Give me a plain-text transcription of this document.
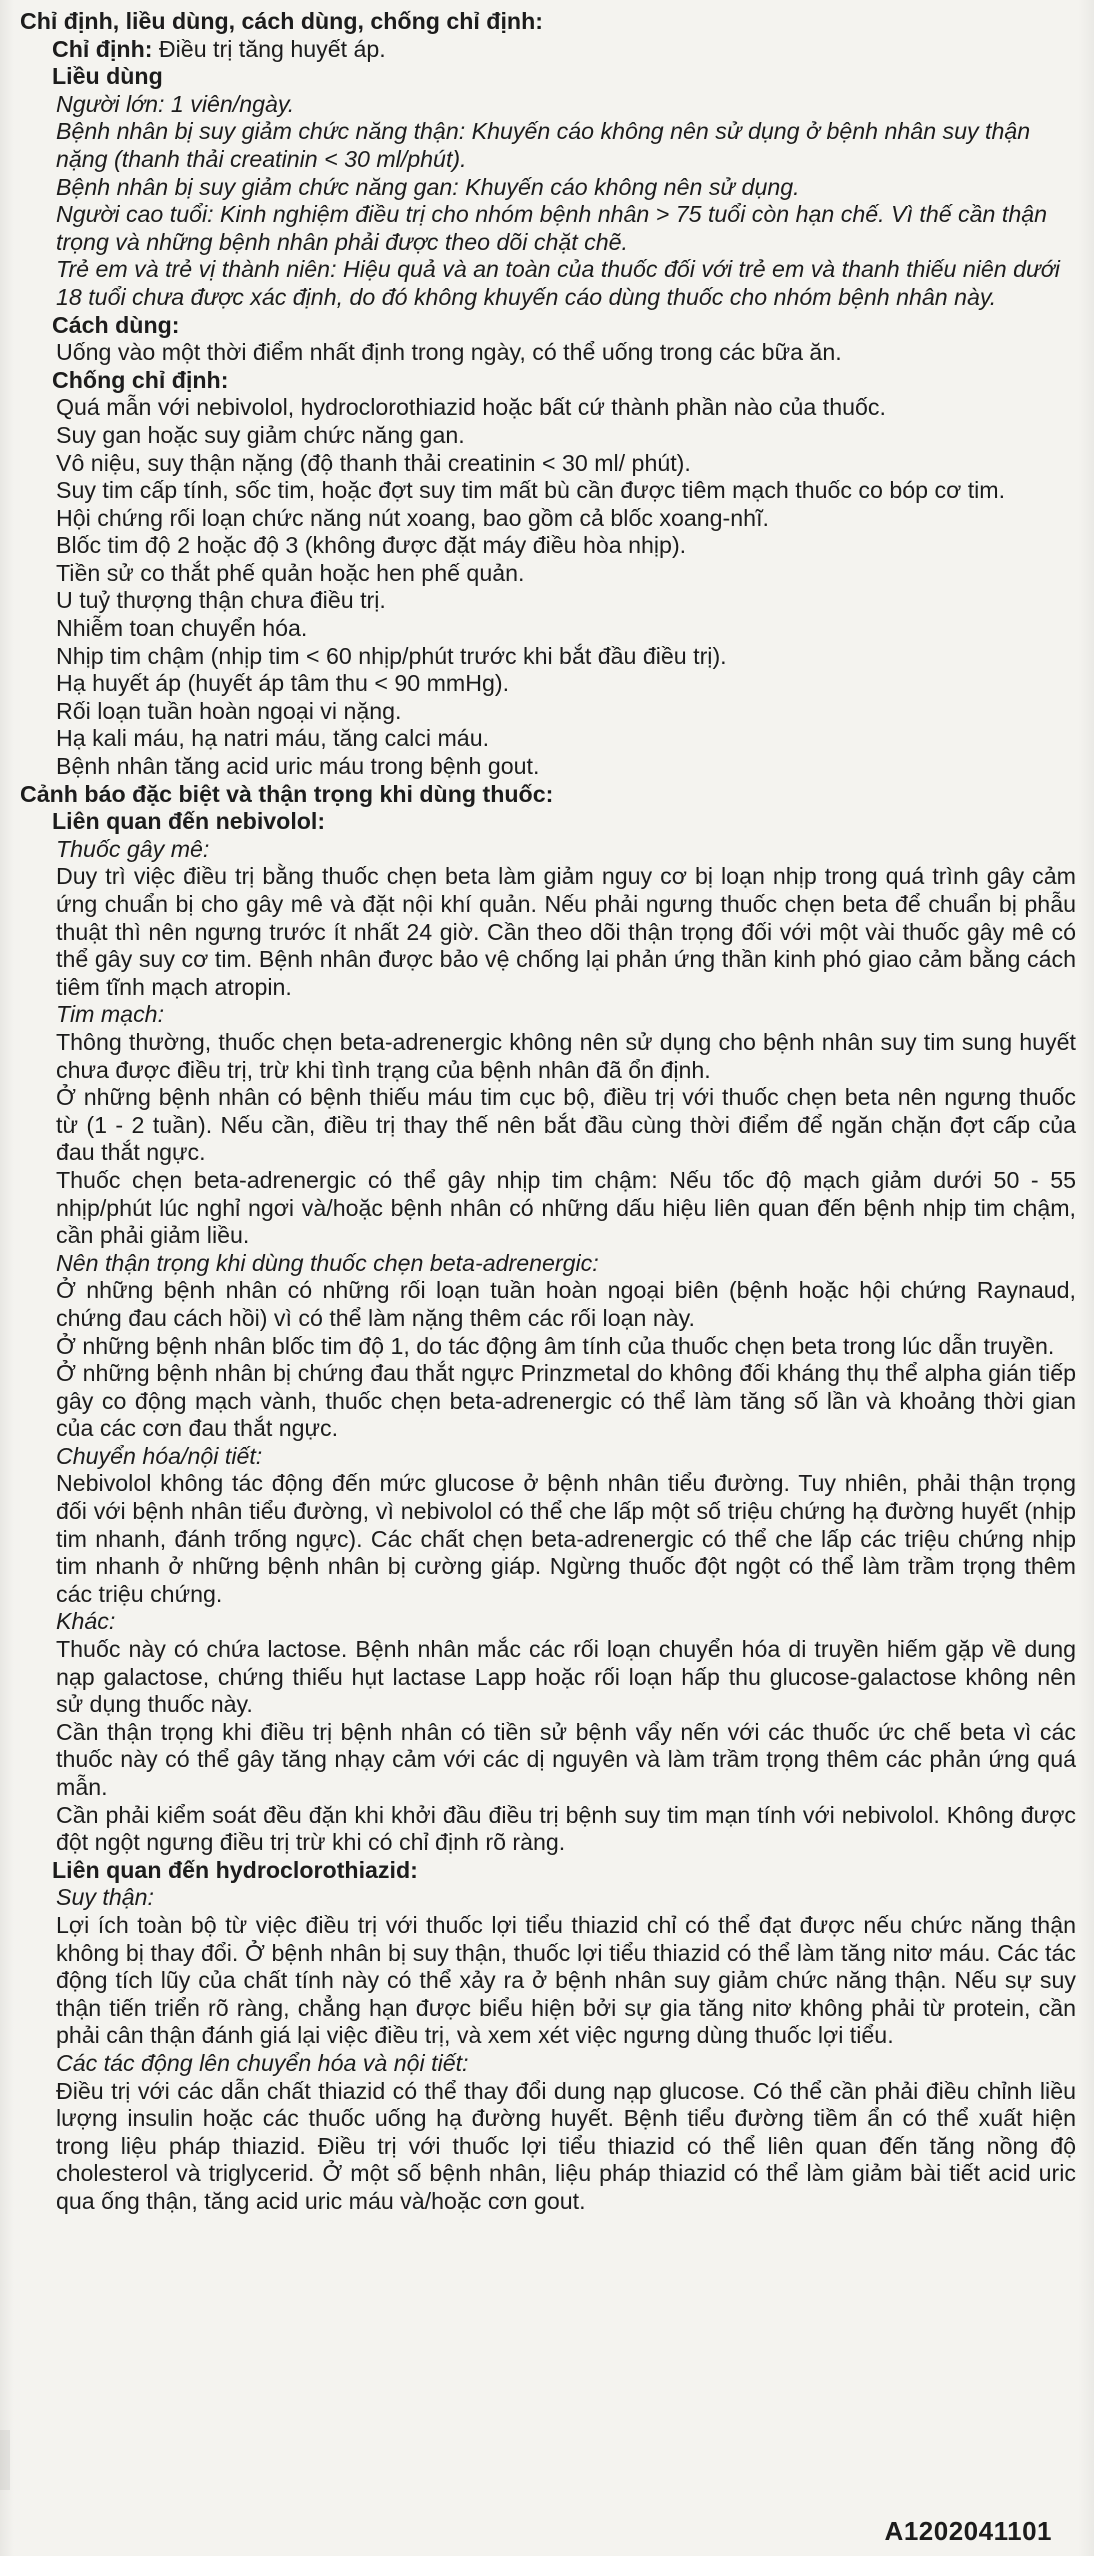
Chỉ định, liều dùng, cách dùng, chống chỉ định:

Chỉ định: Điều trị tăng huyết áp.

Liều dùng

Người lớn: 1 viên/ngày.

Bệnh nhân bị suy giảm chức năng thận: Khuyến cáo không nên sử dụng ở bệnh nhân suy thận nặng (thanh thải creatinin < 30 ml/phút).

Bệnh nhân bị suy giảm chức năng gan: Khuyến cáo không nên sử dụng.

Người cao tuổi: Kinh nghiệm điều trị cho nhóm bệnh nhân > 75 tuổi còn hạn chế. Vì thế cần thận trọng và những bệnh nhân phải được theo dõi chặt chẽ.

Trẻ em và trẻ vị thành niên: Hiệu quả và an toàn của thuốc đối với trẻ em và thanh thiếu niên dưới 18 tuổi chưa được xác định, do đó không khuyến cáo dùng thuốc cho nhóm bệnh nhân này.

Cách dùng:

Uống vào một thời điểm nhất định trong ngày, có thể uống trong các bữa ăn.

Chống chỉ định:

Quá mẫn với nebivolol, hydroclorothiazid hoặc bất cứ thành phần nào của thuốc.

Suy gan hoặc suy giảm chức năng gan.

Vô niệu, suy thận nặng (độ thanh thải creatinin < 30 ml/ phút).

Suy tim cấp tính, sốc tim, hoặc đợt suy tim mất bù cần được tiêm mạch thuốc co bóp cơ tim.

Hội chứng rối loạn chức năng nút xoang, bao gồm cả blốc xoang-nhĩ.

Blốc tim độ 2 hoặc độ 3 (không được đặt máy điều hòa nhịp).

Tiền sử co thắt phế quản hoặc hen phế quản.

U tuỷ thượng thận chưa điều trị.

Nhiễm toan chuyển hóa.

Nhịp tim chậm (nhịp tim < 60 nhịp/phút trước khi bắt đầu điều trị).

Hạ huyết áp (huyết áp tâm thu < 90 mmHg).

Rối loạn tuần hoàn ngoại vi nặng.

Hạ kali máu, hạ natri máu, tăng calci máu.

Bệnh nhân tăng acid uric máu trong bệnh gout.

Cảnh báo đặc biệt và thận trọng khi dùng thuốc:

Liên quan đến nebivolol:

Thuốc gây mê:

Duy trì việc điều trị bằng thuốc chẹn beta làm giảm nguy cơ bị loạn nhịp trong quá trình gây cảm ứng chuẩn bị cho gây mê và đặt nội khí quản. Nếu phải ngưng thuốc chẹn beta để chuẩn bị phẫu thuật thì nên ngưng trước ít nhất 24 giờ. Cần theo dõi thận trọng đối với một vài thuốc gây mê có thể gây suy cơ tim. Bệnh nhân được bảo vệ chống lại phản ứng thần kinh phó giao cảm bằng cách tiêm tĩnh mạch atropin.

Tim mạch:

Thông thường, thuốc chẹn beta-adrenergic không nên sử dụng cho bệnh nhân suy tim sung huyết chưa được điều trị, trừ khi tình trạng của bệnh nhân đã ổn định.

Ở những bệnh nhân có bệnh thiếu máu tim cục bộ, điều trị với thuốc chẹn beta nên ngưng thuốc từ (1 - 2 tuần). Nếu cần, điều trị thay thế nên bắt đầu cùng thời điểm để ngăn chặn đợt cấp của đau thắt ngực.

Thuốc chẹn beta-adrenergic có thể gây nhịp tim chậm: Nếu tốc độ mạch giảm dưới 50 - 55 nhịp/phút lúc nghỉ ngơi và/hoặc bệnh nhân có những dấu hiệu liên quan đến bệnh nhịp tim chậm, cần phải giảm liều.

Nên thận trọng khi dùng thuốc chẹn beta-adrenergic:

Ở những bệnh nhân có những rối loạn tuần hoàn ngoại biên (bệnh hoặc hội chứng Raynaud, chứng đau cách hồi) vì có thể làm nặng thêm các rối loạn này.

Ở những bệnh nhân blốc tim độ 1, do tác động âm tính của thuốc chẹn beta trong lúc dẫn truyền.

Ở những bệnh nhân bị chứng đau thắt ngực Prinzmetal do không đối kháng thụ thể alpha gián tiếp gây co động mạch vành, thuốc chẹn beta-adrenergic có thể làm tăng số lần và khoảng thời gian của các cơn đau thắt ngực.

Chuyển hóa/nội tiết:

Nebivolol không tác động đến mức glucose ở bệnh nhân tiểu đường. Tuy nhiên, phải thận trọng đối với bệnh nhân tiểu đường, vì nebivolol có thể che lấp một số triệu chứng hạ đường huyết (nhịp tim nhanh, đánh trống ngực). Các chất chẹn beta-adrenergic có thể che lấp các triệu chứng nhịp tim nhanh ở những bệnh nhân bị cường giáp. Ngừng thuốc đột ngột có thể làm trầm trọng thêm các triệu chứng.

Khác:

Thuốc này có chứa lactose. Bệnh nhân mắc các rối loạn chuyển hóa di truyền hiếm gặp về dung nạp galactose, chứng thiếu hụt lactase Lapp hoặc rối loạn hấp thu glucose-galactose không nên sử dụng thuốc này.

Cần thận trọng khi điều trị bệnh nhân có tiền sử bệnh vẩy nến với các thuốc ức chế beta vì các thuốc này có thể gây tăng nhạy cảm với các dị nguyên và làm trầm trọng thêm các phản ứng quá mẫn.

Cần phải kiểm soát đều đặn khi khởi đầu điều trị bệnh suy tim mạn tính với nebivolol. Không được đột ngột ngưng điều trị trừ khi có chỉ định rõ ràng.

Liên quan đến hydroclorothiazid:

Suy thận:

Lợi ích toàn bộ từ việc điều trị với thuốc lợi tiểu thiazid chỉ có thể đạt được nếu chức năng thận không bị thay đổi. Ở bệnh nhân bị suy thận, thuốc lợi tiểu thiazid có thể làm tăng nitơ máu. Các tác động tích lũy của chất tính này có thể xảy ra ở bệnh nhân suy giảm chức năng thận. Nếu sự suy thận tiến triển rõ ràng, chẳng hạn được biểu hiện bởi sự gia tăng nitơ không phải từ protein, cần phải cân thận đánh giá lại việc điều trị, và xem xét việc ngưng dùng thuốc lợi tiểu.

Các tác động lên chuyển hóa và nội tiết:

Điều trị với các dẫn chất thiazid có thể thay đổi dung nạp glucose. Có thể cần phải điều chỉnh liều lượng insulin hoặc các thuốc uống hạ đường huyết. Bệnh tiểu đường tiềm ẩn có thể xuất hiện trong liệu pháp thiazid. Điều trị với thuốc lợi tiểu thiazid có thể liên quan đến tăng nồng độ cholesterol và triglycerid. Ở một số bệnh nhân, liệu pháp thiazid có thể làm giảm bài tiết acid uric qua ống thận, tăng acid uric máu và/hoặc cơn gout.

A1202041101
